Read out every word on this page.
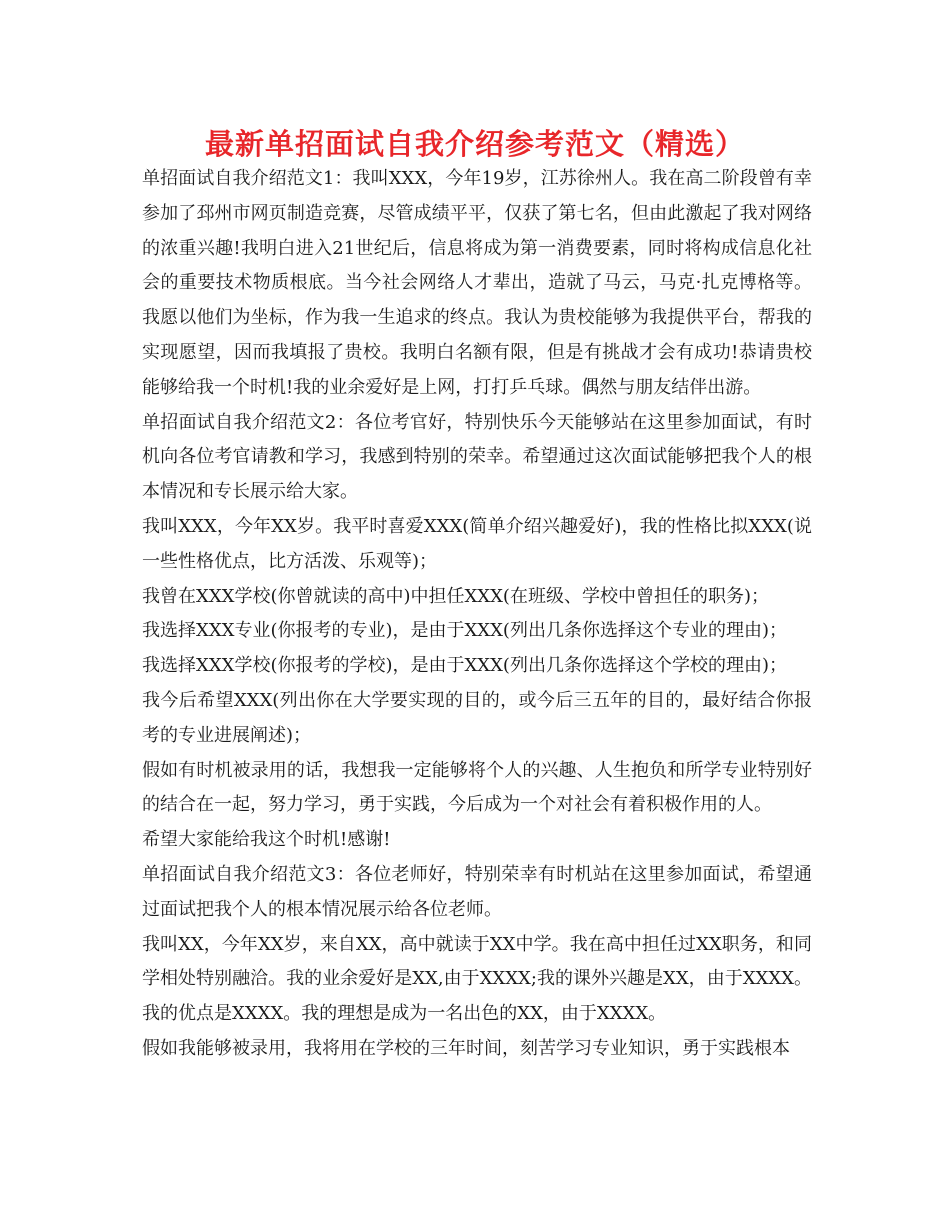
最新单招面试自我介绍参考范文（精选）

单招面试自我介绍范文1：我叫XXX，今年19岁，江苏徐州人。我在高二阶段曾有幸参加了邳州市网页制造竞赛，尽管成绩平平，仅获了第七名，但由此激起了我对网络的浓重兴趣!我明白进入21世纪后，信息将成为第一消费要素，同时将构成信息化社会的重要技术物质根底。当今社会网络人才辈出，造就了马云，马克·扎克博格等。我愿以他们为坐标，作为我一生追求的终点。我认为贵校能够为我提供平台，帮我的实现愿望，因而我填报了贵校。我明白名额有限，但是有挑战才会有成功!恭请贵校能够给我一个时机!我的业余爱好是上网，打打乒乓球。偶然与朋友结伴出游。

单招面试自我介绍范文2：各位考官好，特别快乐今天能够站在这里参加面试，有时机向各位考官请教和学习，我感到特别的荣幸。希望通过这次面试能够把我个人的根本情况和专长展示给大家。

我叫XXX，今年XX岁。我平时喜爱XXX(简单介绍兴趣爱好)，我的性格比拟XXX(说一些性格优点，比方活泼、乐观等)；

我曾在XXX学校(你曾就读的高中)中担任XXX(在班级、学校中曾担任的职务)；

我选择XXX专业(你报考的专业)，是由于XXX(列出几条你选择这个专业的理由)；

我选择XXX学校(你报考的学校)，是由于XXX(列出几条你选择这个学校的理由)；

我今后希望XXX(列出你在大学要实现的目的，或今后三五年的目的，最好结合你报考的专业进展阐述)；

假如有时机被录用的话，我想我一定能够将个人的兴趣、人生抱负和所学专业特别好的结合在一起，努力学习，勇于实践，今后成为一个对社会有着积极作用的人。

希望大家能给我这个时机!感谢!

单招面试自我介绍范文3：各位老师好，特别荣幸有时机站在这里参加面试，希望通过面试把我个人的根本情况展示给各位老师。

我叫XX，今年XX岁，来自XX，高中就读于XX中学。我在高中担任过XX职务，和同学相处特别融洽。我的业余爱好是XX,由于XXXX;我的课外兴趣是XX，由于XXXX。我的优点是XXXX。我的理想是成为一名出色的XX，由于XXXX。

假如我能够被录用，我将用在学校的三年时间，刻苦学习专业知识，勇于实践根本
